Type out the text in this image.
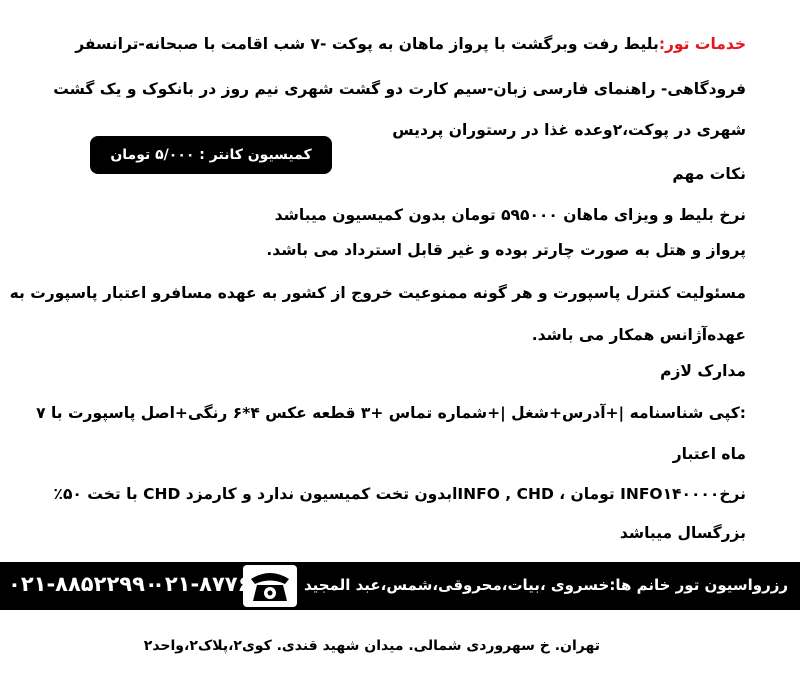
خدمات تور:بلیط رفت وبرگشت با پرواز ماهان به پوکت -۷ شب اقامت با صبحانه-ترانسفر

فرودگاهی- راهنمای فارسی زبان-سیم کارت دو گشت شهری نیم روز در بانکوک و یک گشت

شهری در پوکت،۲وعده غذا در رستوران پردیس

نکات مهم

نرخ بلیط و ویزای ماهان ۵۹۵۰۰۰ تومان بدون کمیسیون میباشد

پرواز و هتل به صورت چارتر بوده و غیر قابل استرداد می باشد.

مسئولیت کنترل پاسپورت و هر گونه ممنوعیت خروج از کشور به عهده مسافرو اعتبار پاسپورت به

عهده‌آژانس همکار می باشد.

مدارک لازم

:کپی شناسنامه |+آدرس+شغل |+شماره تماس +۳ قطعه عکس ۴*۶ رنگی+اصل پاسپورت با ۷

ماه اعتبار

نرخINFO۱۴۰۰۰۰ تومان ، INFO , CHDابدون تخت کمیسیون ندارد و کارمزد CHD با تخت ۵۰٪

بزرگسال میباشد

کمیسیون کانتر : ۵/۰۰۰ تومان
رزرواسیون تور خانم ها:خسروی ،بیات،محروقی،شمس،عبد المجید
۰۲۱-۸۷۷۶
۰۲۱-۸۸۵۲۲۹۹۰
تهران. خ سهروردی شمالی. میدان شهید قندی. کوی۲،پلاک۲،واحد۲
